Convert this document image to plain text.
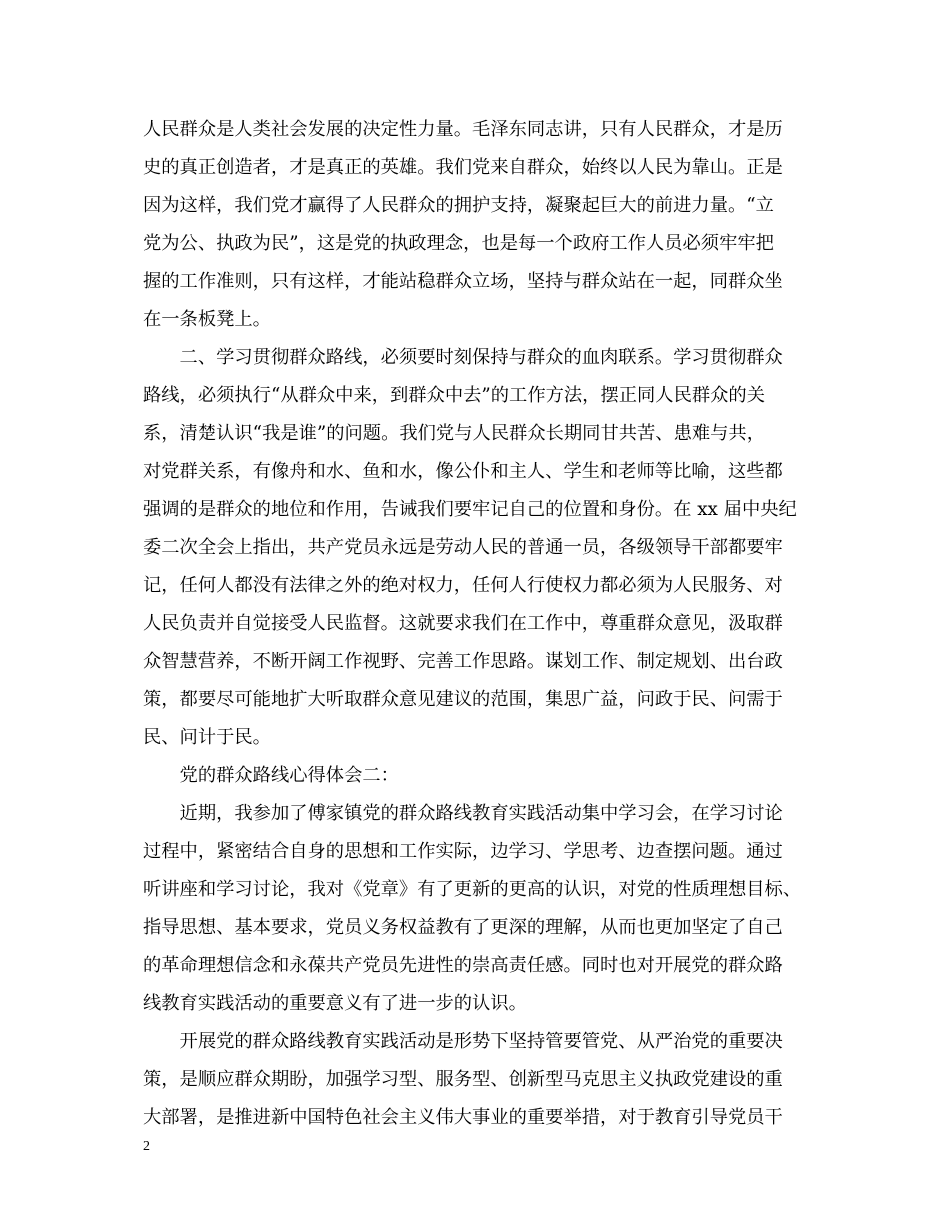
人民群众是人类社会发展的决定性力量。毛泽东同志讲，只有人民群众，才是历
史的真正创造者，才是真正的英雄。我们党来自群众，始终以人民为靠山。正是
因为这样，我们党才赢得了人民群众的拥护支持，凝聚起巨大的前进力量。“立
党为公、执政为民”，这是党的执政理念，也是每一个政府工作人员必须牢牢把
握的工作准则，只有这样，才能站稳群众立场，坚持与群众站在一起，同群众坐
在一条板凳上。
　　二、学习贯彻群众路线，必须要时刻保持与群众的血肉联系。学习贯彻群众
路线，必须执行“从群众中来，到群众中去”的工作方法，摆正同人民群众的关
系，清楚认识“我是谁”的问题。我们党与人民群众长期同甘共苦、患难与共，
对党群关系，有像舟和水、鱼和水，像公仆和主人、学生和老师等比喻，这些都
强调的是群众的地位和作用，告诫我们要牢记自己的位置和身份。在 xx 届中央纪
委二次全会上指出，共产党员永远是劳动人民的普通一员，各级领导干部都要牢
记，任何人都没有法律之外的绝对权力，任何人行使权力都必须为人民服务、对
人民负责并自觉接受人民监督。这就要求我们在工作中，尊重群众意见，汲取群
众智慧营养，不断开阔工作视野、完善工作思路。谋划工作、制定规划、出台政
策，都要尽可能地扩大听取群众意见建议的范围，集思广益，问政于民、问需于
民、问计于民。
　　党的群众路线心得体会二：
　　近期，我参加了傅家镇党的群众路线教育实践活动集中学习会，在学习讨论
过程中，紧密结合自身的思想和工作实际，边学习、学思考、边查摆问题。通过
听讲座和学习讨论，我对《党章》有了更新的更高的认识，对党的性质理想目标、
指导思想、基本要求，党员义务权益教有了更深的理解，从而也更加坚定了自己
的革命理想信念和永葆共产党员先进性的崇高责任感。同时也对开展党的群众路
线教育实践活动的重要意义有了进一步的认识。
　　开展党的群众路线教育实践活动是形势下坚持管要管党、从严治党的重要决
策，是顺应群众期盼，加强学习型、服务型、创新型马克思主义执政党建设的重
大部署，是推进新中国特色社会主义伟大事业的重要举措，对于教育引导党员干
2
